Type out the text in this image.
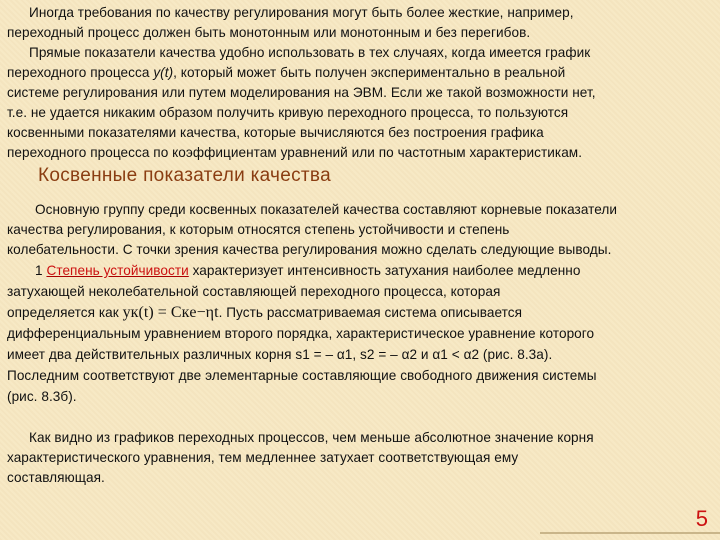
Иногда требования по качеству регулирования могут быть более жесткие, например,
переходный процесс должен быть монотонным или монотонным и без перегибов.
Прямые показатели качества удобно использовать в тех случаях, когда имеется график
переходного процесса y(t), который может быть получен экспериментально в реальной
системе регулирования или путем моделирования на ЭВМ. Если же такой возможности нет,
т.е. не удается никаким образом получить кривую переходного процесса, то пользуются
косвенными показателями качества, которые вычисляются без построения графика
переходного процесса по коэффициентам уравнений или по частотным характеристикам.
Косвенные показатели качества
Основную группу среди косвенных показателей качества составляют корневые показатели
качества регулирования, к которым относятся степень устойчивости и степень
колебательности. С точки зрения качества регулирования можно сделать следующие выводы.
1 Степень устойчивости характеризует интенсивность затухания наиболее медленно
затухающей неколебательной составляющей переходного процесса, которая
определяется как yк(t) = Cкe−ηt. Пусть рассматриваемая система описывается
дифференциальным уравнением второго порядка, характеристическое уравнение которого
имеет два действительных различных корня s1 = – α1, s2 = – α2 и α1 < α2 (рис. 8.3а).
Последним соответствуют две элементарные составляющие свободного движения системы
(рис. 8.3б).
Как видно из графиков переходных процессов, чем меньше абсолютное значение корня
характеристического уравнения, тем медленнее затухает соответствующая ему
составляющая.
5
